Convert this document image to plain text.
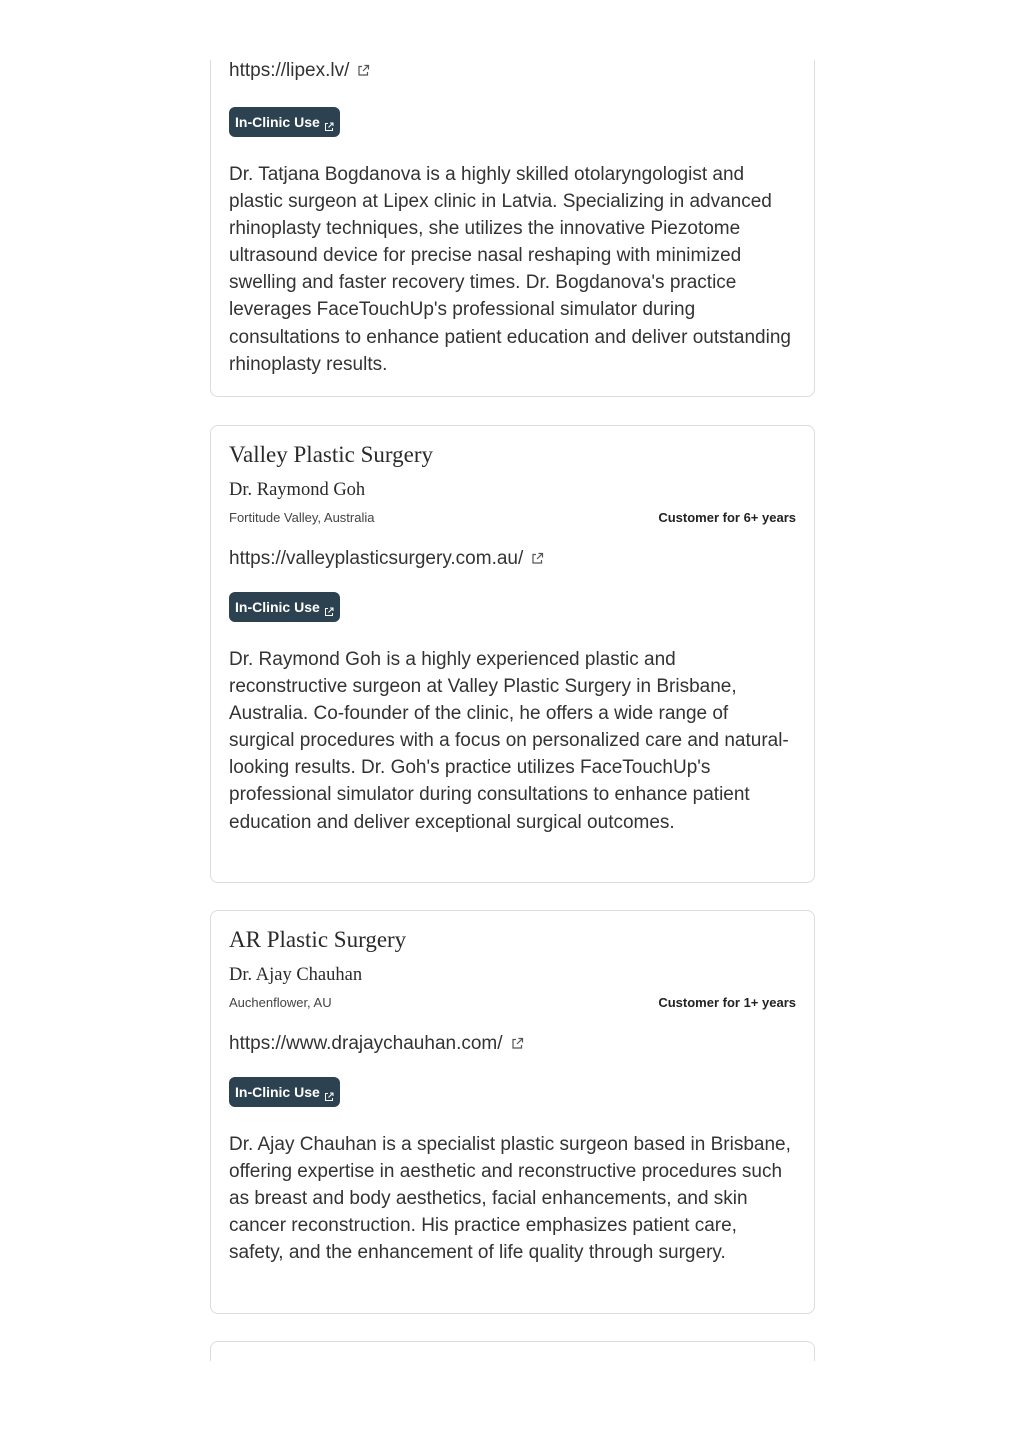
https://lipex.lv/
In-Clinic Use

Dr. Tatjana Bogdanova is a highly skilled otolaryngologist and plastic surgeon at Lipex clinic in Latvia. Specializing in advanced rhinoplasty techniques, she utilizes the innovative Piezotome ultrasound device for precise nasal reshaping with minimized swelling and faster recovery times. Dr. Bogdanova's practice leverages FaceTouchUp's professional simulator during consultations to enhance patient education and deliver outstanding rhinoplasty results.

Valley Plastic Surgery
Dr. Raymond Goh
Fortitude Valley, Australia	Customer for 6+ years
https://valleyplasticsurgery.com.au/
In-Clinic Use

Dr. Raymond Goh is a highly experienced plastic and reconstructive surgeon at Valley Plastic Surgery in Brisbane, Australia. Co-founder of the clinic, he offers a wide range of surgical procedures with a focus on personalized care and natural-looking results. Dr. Goh's practice utilizes FaceTouchUp's professional simulator during consultations to enhance patient education and deliver exceptional surgical outcomes.

AR Plastic Surgery
Dr. Ajay Chauhan
Auchenflower, AU	Customer for 1+ years
https://www.drajaychauhan.com/
In-Clinic Use

Dr. Ajay Chauhan is a specialist plastic surgeon based in Brisbane, offering expertise in aesthetic and reconstructive procedures such as breast and body aesthetics, facial enhancements, and skin cancer reconstruction. His practice emphasizes patient care, safety, and the enhancement of life quality through surgery.
